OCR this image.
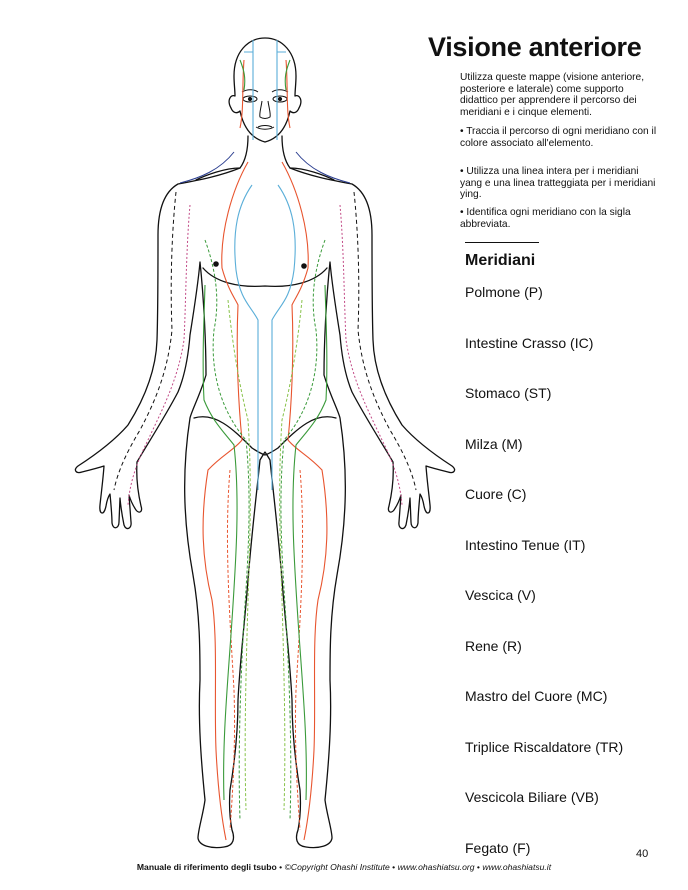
Visione anteriore

Utilizza queste mappe (visione anteriore, posteriore e laterale) come supporto didattico per apprendere il percorso dei meridiani e i cinque elementi.

• Traccia il percorso di ogni meridiano con il colore associato all'elemento.

• Utilizza una linea intera per i meridiani yang e una linea tratteggiata per i meridiani ying.

• Identifica ogni meridiano con la sigla abbreviata.

Meridiani
Polmone (P)
Intestine Crasso (IC)
Stomaco (ST)
Milza (M)
Cuore (C)
Intestino Tenue (IT)
Vescica (V)
Rene (R)
Mastro del Cuore (MC)
Triplice Riscaldatore (TR)
Vescicola Biliare (VB)
Fegato (F)
Manuale di riferimento degli tsubo • ©Copyright Ohashi Institute • www.ohashiatsu.org • www.ohashiatsu.it
40
